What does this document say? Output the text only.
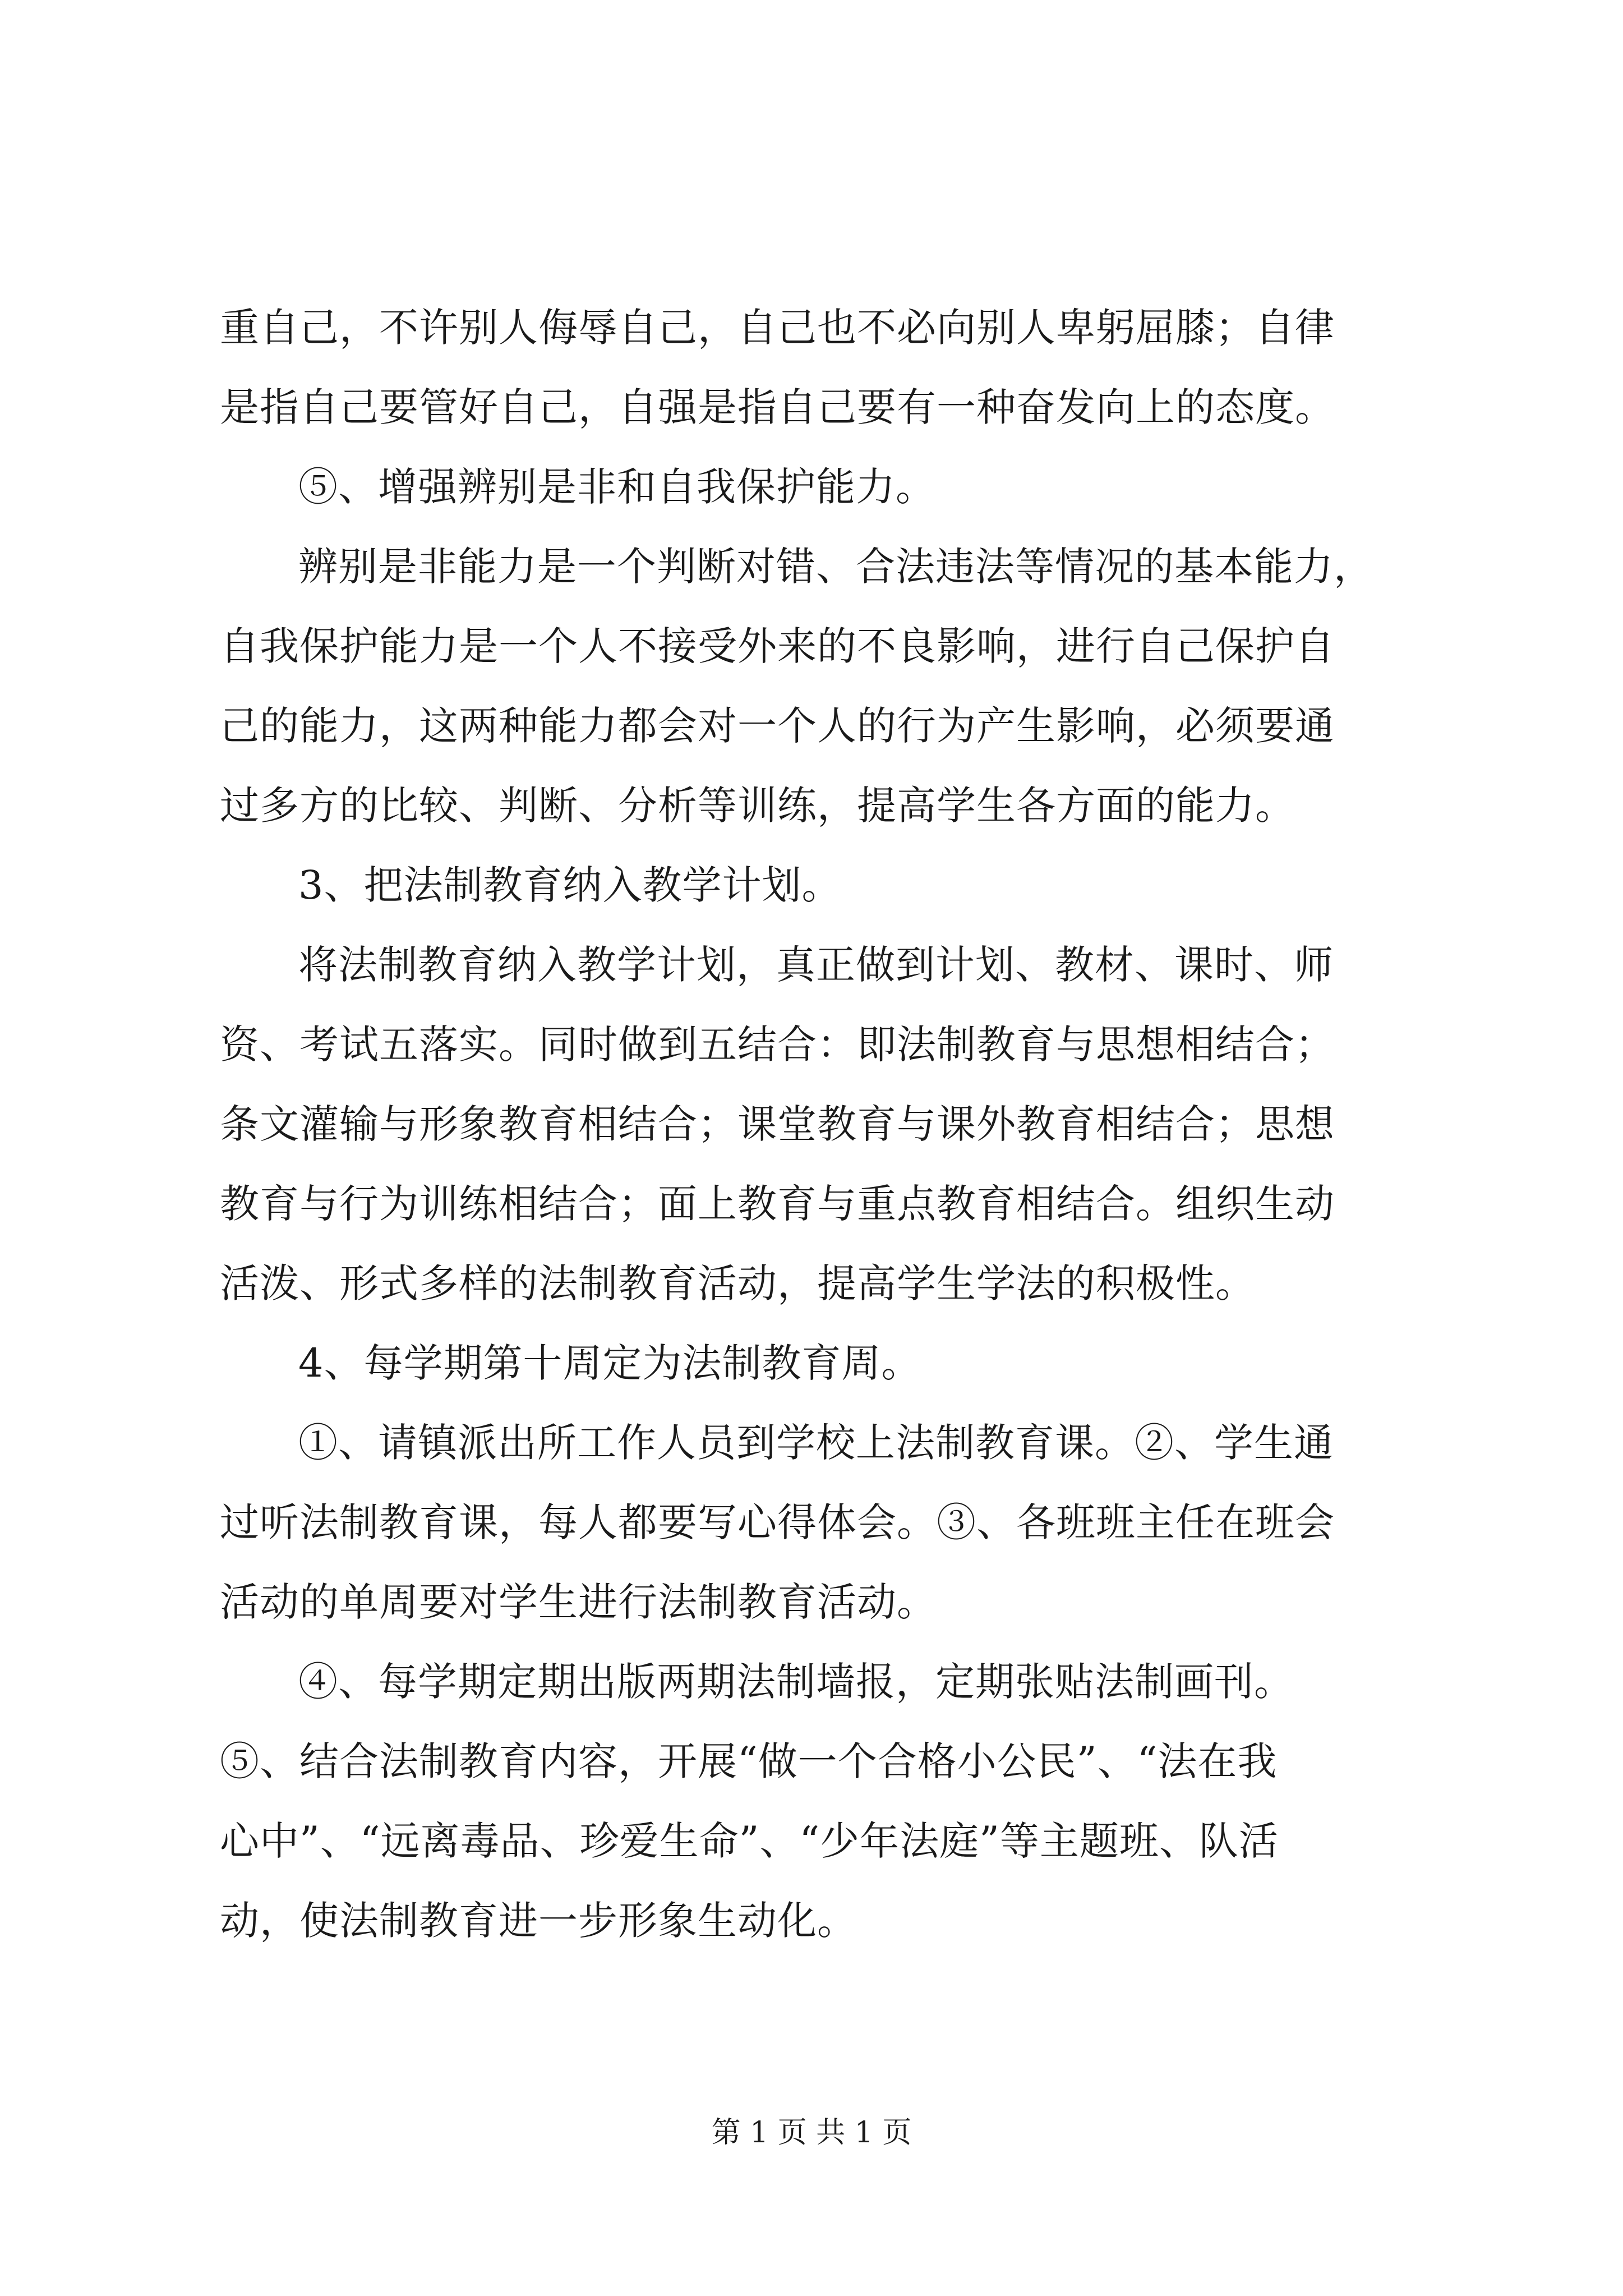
重自己，不许别人侮辱自己，自己也不必向别人卑躬屈膝；自律
是指自己要管好自己，自强是指自己要有一种奋发向上的态度。
⑤、增强辨别是非和自我保护能力。
辨别是非能力是一个判断对错、合法违法等情况的基本能力，
自我保护能力是一个人不接受外来的不良影响，进行自己保护自
己的能力，这两种能力都会对一个人的行为产生影响，必须要通
过多方的比较、判断、分析等训练，提高学生各方面的能力。
3、把法制教育纳入教学计划。
将法制教育纳入教学计划，真正做到计划、教材、课时、师
资、考试五落实。同时做到五结合：即法制教育与思想相结合；
条文灌输与形象教育相结合；课堂教育与课外教育相结合；思想
教育与行为训练相结合；面上教育与重点教育相结合。组织生动
活泼、形式多样的法制教育活动，提高学生学法的积极性。
4、每学期第十周定为法制教育周。
①、请镇派出所工作人员到学校上法制教育课。②、学生通
过听法制教育课，每人都要写心得体会。③、各班班主任在班会
活动的单周要对学生进行法制教育活动。
④、每学期定期出版两期法制墙报，定期张贴法制画刊。
⑤、结合法制教育内容，开展“做一个合格小公民”、“法在我
心中”、“远离毒品、珍爱生命”、“少年法庭”等主题班、队活
动，使法制教育进一步形象生动化。
第 1 页 共 1 页
